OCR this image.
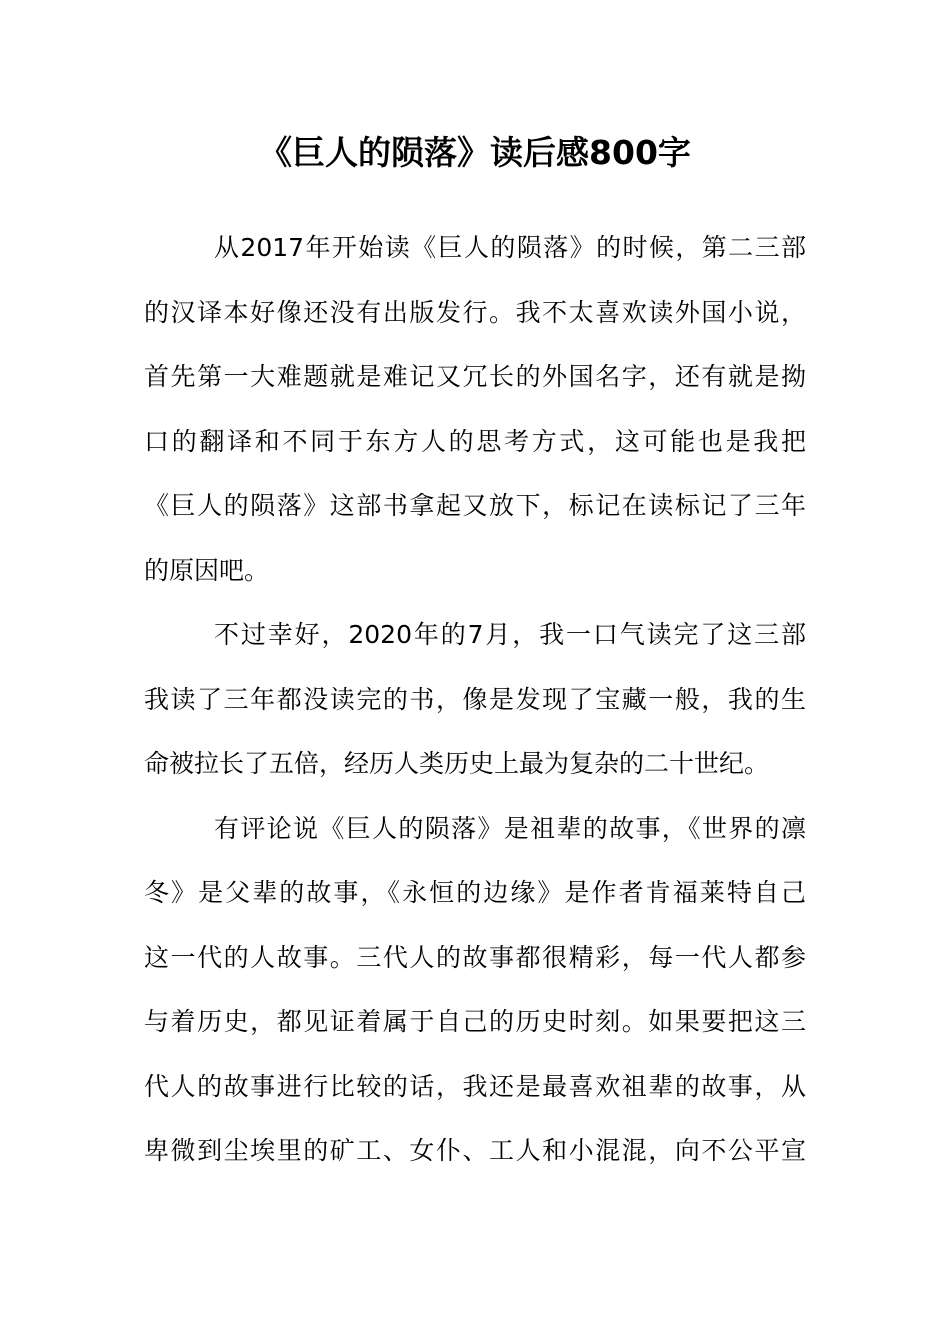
《巨人的陨落》读后感800字
从2017年开始读《巨人的陨落》的时候，第二三部
的汉译本好像还没有出版发行。我不太喜欢读外国小说，
首先第一大难题就是难记又冗长的外国名字，还有就是拗
口的翻译和不同于东方人的思考方式，这可能也是我把
《巨人的陨落》这部书拿起又放下，标记在读标记了三年
的原因吧。
不过幸好，2020年的7月，我一口气读完了这三部
我读了三年都没读完的书，像是发现了宝藏一般，我的生
命被拉长了五倍，经历人类历史上最为复杂的二十世纪。
有评论说《巨人的陨落》是祖辈的故事，《世界的凛
冬》是父辈的故事，《永恒的边缘》是作者肯福莱特自己
这一代的人故事。三代人的故事都很精彩，每一代人都参
与着历史，都见证着属于自己的历史时刻。如果要把这三
代人的故事进行比较的话，我还是最喜欢祖辈的故事，从
卑微到尘埃里的矿工、女仆、工人和小混混，向不公平宣
